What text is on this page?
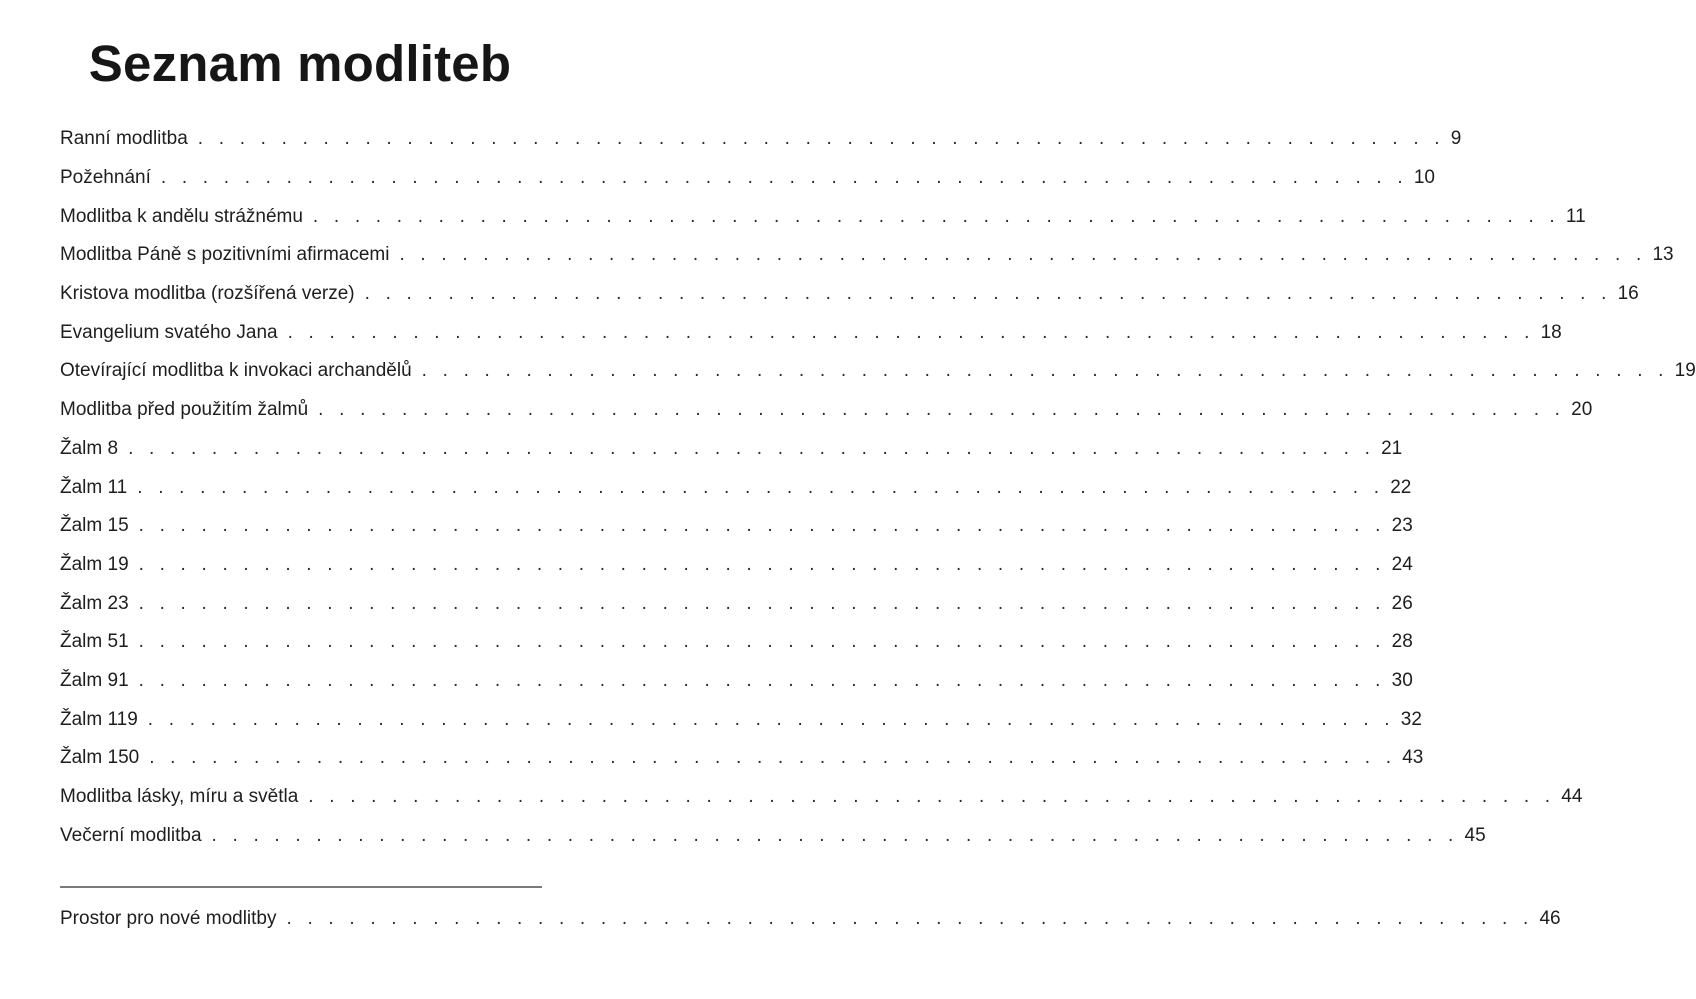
Seznam modliteb
Ranní modlitba . . . . . . . . . . . . . . . . . . . . . . . . . . . . . . . . . . . . . . . . . . . . . . . . . . . . . . . . . . . . 9
Požehnání . . . . . . . . . . . . . . . . . . . . . . . . . . . . . . . . . . . . . . . . . . . . . . . . . . . . . . . . . . . . 10
Modlitba k andělu strážnému . . . . . . . . . . . . . . . . . . . . . . . . . . . . . . . . . . . . . . . . . . . . . . . . . . . . . . . . . . . . 11
Modlitba Páně s pozitivními afirmacemi . . . . . . . . . . . . . . . . . . . . . . . . . . . . . . . . . . . . . . . . . . . . . . . . . . . . . . . . . . . . 13
Kristova modlitba (rozšířená verze) . . . . . . . . . . . . . . . . . . . . . . . . . . . . . . . . . . . . . . . . . . . . . . . . . . . . . . . . . . . . 16
Evangelium svatého Jana . . . . . . . . . . . . . . . . . . . . . . . . . . . . . . . . . . . . . . . . . . . . . . . . . . . . . . . . . . . . 18
Otevírající modlitba k invokaci archandělů . . . . . . . . . . . . . . . . . . . . . . . . . . . . . . . . . . . . . . . . . . . . . . . . . . . . . . . . . . . . 19
Modlitba před použitím žalmů . . . . . . . . . . . . . . . . . . . . . . . . . . . . . . . . . . . . . . . . . . . . . . . . . . . . . . . . . . . . 20
Žalm 8 . . . . . . . . . . . . . . . . . . . . . . . . . . . . . . . . . . . . . . . . . . . . . . . . . . . . . . . . . . . . 21
Žalm 11 . . . . . . . . . . . . . . . . . . . . . . . . . . . . . . . . . . . . . . . . . . . . . . . . . . . . . . . . . . . . 22
Žalm 15 . . . . . . . . . . . . . . . . . . . . . . . . . . . . . . . . . . . . . . . . . . . . . . . . . . . . . . . . . . . . 23
Žalm 19 . . . . . . . . . . . . . . . . . . . . . . . . . . . . . . . . . . . . . . . . . . . . . . . . . . . . . . . . . . . . 24
Žalm 23 . . . . . . . . . . . . . . . . . . . . . . . . . . . . . . . . . . . . . . . . . . . . . . . . . . . . . . . . . . . . 26
Žalm 51 . . . . . . . . . . . . . . . . . . . . . . . . . . . . . . . . . . . . . . . . . . . . . . . . . . . . . . . . . . . . 28
Žalm 91 . . . . . . . . . . . . . . . . . . . . . . . . . . . . . . . . . . . . . . . . . . . . . . . . . . . . . . . . . . . . 30
Žalm 119 . . . . . . . . . . . . . . . . . . . . . . . . . . . . . . . . . . . . . . . . . . . . . . . . . . . . . . . . . . . . 32
Žalm 150 . . . . . . . . . . . . . . . . . . . . . . . . . . . . . . . . . . . . . . . . . . . . . . . . . . . . . . . . . . . . 43
Modlitba lásky, míru a světla . . . . . . . . . . . . . . . . . . . . . . . . . . . . . . . . . . . . . . . . . . . . . . . . . . . . . . . . . . . . 44
Večerní modlitba . . . . . . . . . . . . . . . . . . . . . . . . . . . . . . . . . . . . . . . . . . . . . . . . . . . . . . . . . . . . 45
Prostor pro nové modlitby . . . . . . . . . . . . . . . . . . . . . . . . . . . . . . . . . . . . . . . . . . . . . . . . . . . . . . . . . . . . 46
